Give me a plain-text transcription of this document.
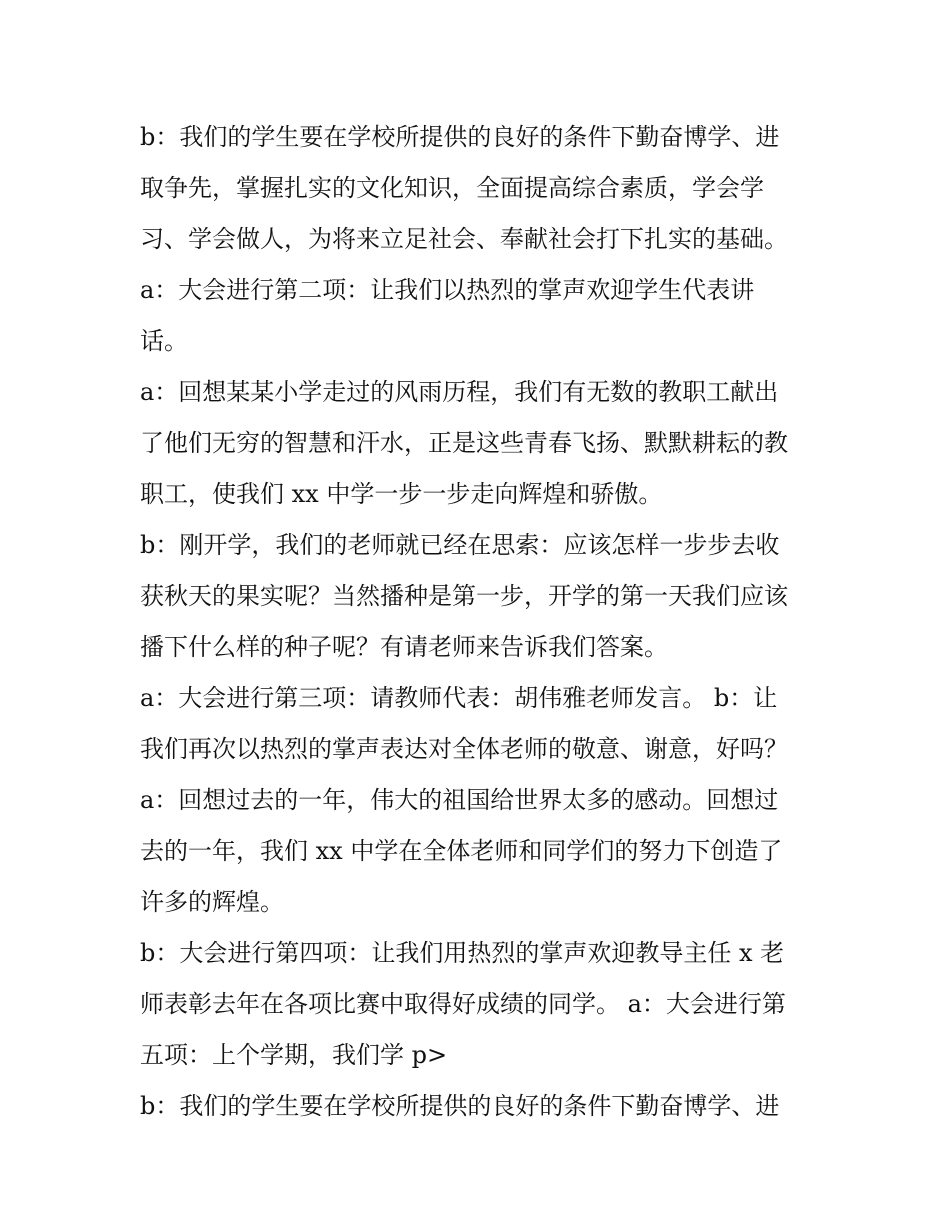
b：我们的学生要在学校所提供的良好的条件下勤奋博学、进
取争先，掌握扎实的文化知识，全面提高综合素质，学会学
习、学会做人，为将来立足社会、奉献社会打下扎实的基础。
a：大会进行第二项：让我们以热烈的掌声欢迎学生代表讲
话。
a：回想某某小学走过的风雨历程，我们有无数的教职工献出
了他们无穷的智慧和汗水，正是这些青春飞扬、默默耕耘的教
职工，使我们 xx 中学一步一步走向辉煌和骄傲。
b：刚开学，我们的老师就已经在思索：应该怎样一步步去收
获秋天的果实呢？当然播种是第一步，开学的第一天我们应该
播下什么样的种子呢？有请老师来告诉我们答案。
a：大会进行第三项：请教师代表：胡伟雅老师发言。 b：让
我们再次以热烈的掌声表达对全体老师的敬意、谢意，好吗？
a：回想过去的一年，伟大的祖国给世界太多的感动。回想过
去的一年，我们 xx 中学在全体老师和同学们的努力下创造了
许多的辉煌。
b：大会进行第四项：让我们用热烈的掌声欢迎教导主任 x 老
师表彰去年在各项比赛中取得好成绩的同学。 a：大会进行第
五项：上个学期，我们学 p>
b：我们的学生要在学校所提供的良好的条件下勤奋博学、进
